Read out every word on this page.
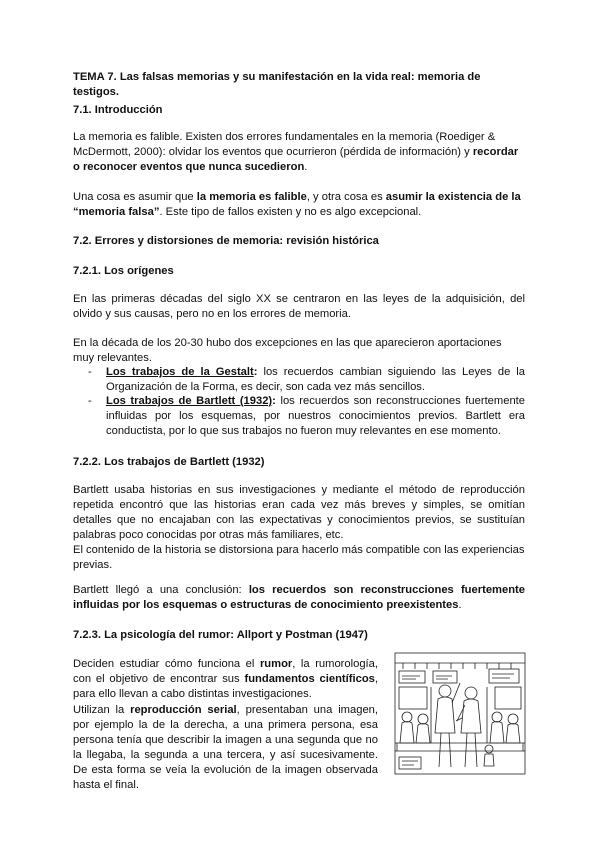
TEMA 7. Las falsas memorias y su manifestación en la vida real: memoria de testigos.

7.1. Introducción

La memoria es falible. Existen dos errores fundamentales en la memoria (Roediger & McDermott, 2000): olvidar los eventos que ocurrieron (pérdida de información) y recordar o reconocer eventos que nunca sucedieron.

Una cosa es asumir que la memoria es falible, y otra cosa es asumir la existencia de la “memoria falsa”. Este tipo de fallos existen y no es algo excepcional.

7.2. Errores y distorsiones de memoria: revisión histórica

7.2.1. Los orígenes

En las primeras décadas del siglo XX se centraron en las leyes de la adquisición, del olvido y sus causas, pero no en los errores de memoria.

En la década de los 20-30 hubo dos excepciones en las que aparecieron aportaciones muy relevantes.

- Los trabajos de la Gestalt: los recuerdos cambian siguiendo las Leyes de la Organización de la Forma, es decir, son cada vez más sencillos.
- Los trabajos de Bartlett (1932): los recuerdos son reconstrucciones fuertemente influidas por los esquemas, por nuestros conocimientos previos. Bartlett era conductista, por lo que sus trabajos no fueron muy relevantes en ese momento.

7.2.2. Los trabajos de Bartlett (1932)

Bartlett usaba historias en sus investigaciones y mediante el método de reproducción repetida encontró que las historias eran cada vez más breves y simples, se omitían detalles que no encajaban con las expectativas y conocimientos previos, se sustituían palabras poco conocidas por otras más familiares, etc.

El contenido de la historia se distorsiona para hacerlo más compatible con las experiencias previas.

Bartlett llegó a una conclusión: los recuerdos son reconstrucciones fuertemente influidas por los esquemas o estructuras de conocimiento preexistentes.

7.2.3. La psicología del rumor: Allport y Postman (1947)

Deciden estudiar cómo funciona el rumor, la rumorología, con el objetivo de encontrar sus fundamentos científicos, para ello llevan a cabo distintas investigaciones.

Utilizan la reproducción serial, presentaban una imagen, por ejemplo la de la derecha, a una primera persona, esa persona tenía que describir la imagen a una segunda que no la llegaba, la segunda a una tercera, y así sucesivamente. De esta forma se veía la evolución de la imagen observada hasta el final.
